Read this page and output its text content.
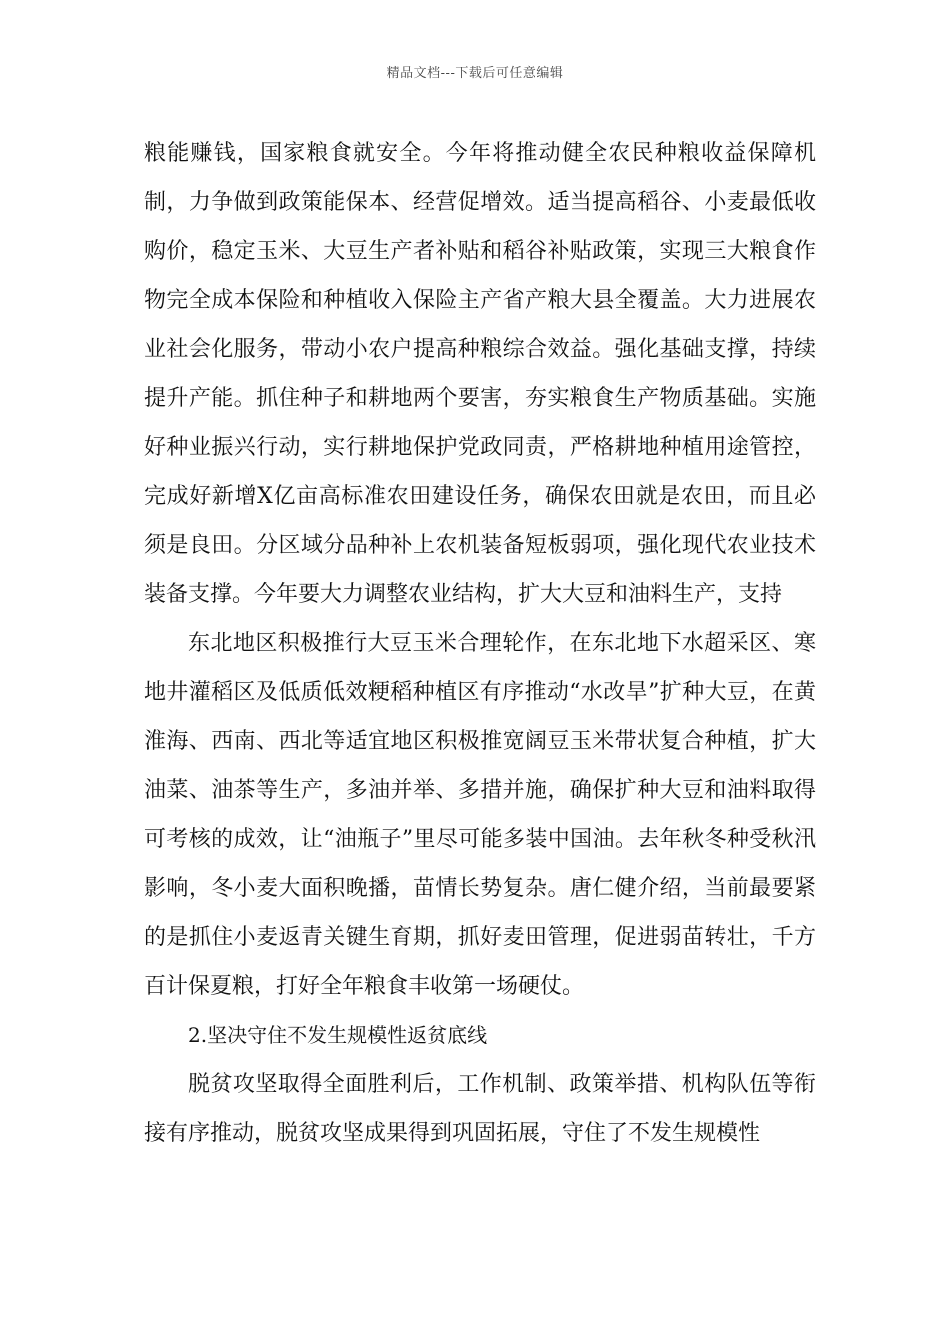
精品文档---下载后可任意编辑

粮能赚钱，国家粮食就安全。今年将推动健全农民种粮收益保障机制，力争做到政策能保本、经营促增效。适当提高稻谷、小麦最低收购价，稳定玉米、大豆生产者补贴和稻谷补贴政策，实现三大粮食作物完全成本保险和种植收入保险主产省产粮大县全覆盖。大力进展农业社会化服务，带动小农户提高种粮综合效益。强化基础支撑，持续提升产能。抓住种子和耕地两个要害，夯实粮食生产物质基础。实施好种业振兴行动，实行耕地保护党政同责，严格耕地种植用途管控，完成好新增X亿亩高标准农田建设任务，确保农田就是农田，而且必须是良田。分区域分品种补上农机装备短板弱项，强化现代农业技术装备支撑。今年要大力调整农业结构，扩大大豆和油料生产，支持

东北地区积极推行大豆玉米合理轮作，在东北地下水超采区、寒地井灌稻区及低质低效粳稻种植区有序推动“水改旱”扩种大豆，在黄淮海、西南、西北等适宜地区积极推宽阔豆玉米带状复合种植，扩大油菜、油茶等生产，多油并举、多措并施，确保扩种大豆和油料取得可考核的成效，让“油瓶子”里尽可能多装中国油。去年秋冬种受秋汛影响，冬小麦大面积晚播，苗情长势复杂。唐仁健介绍，当前最要紧的是抓住小麦返青关键生育期，抓好麦田管理，促进弱苗转壮，千方百计保夏粮，打好全年粮食丰收第一场硬仗。

2.坚决守住不发生规模性返贫底线

脱贫攻坚取得全面胜利后，工作机制、政策举措、机构队伍等衔接有序推动，脱贫攻坚成果得到巩固拓展，守住了不发生规模性
